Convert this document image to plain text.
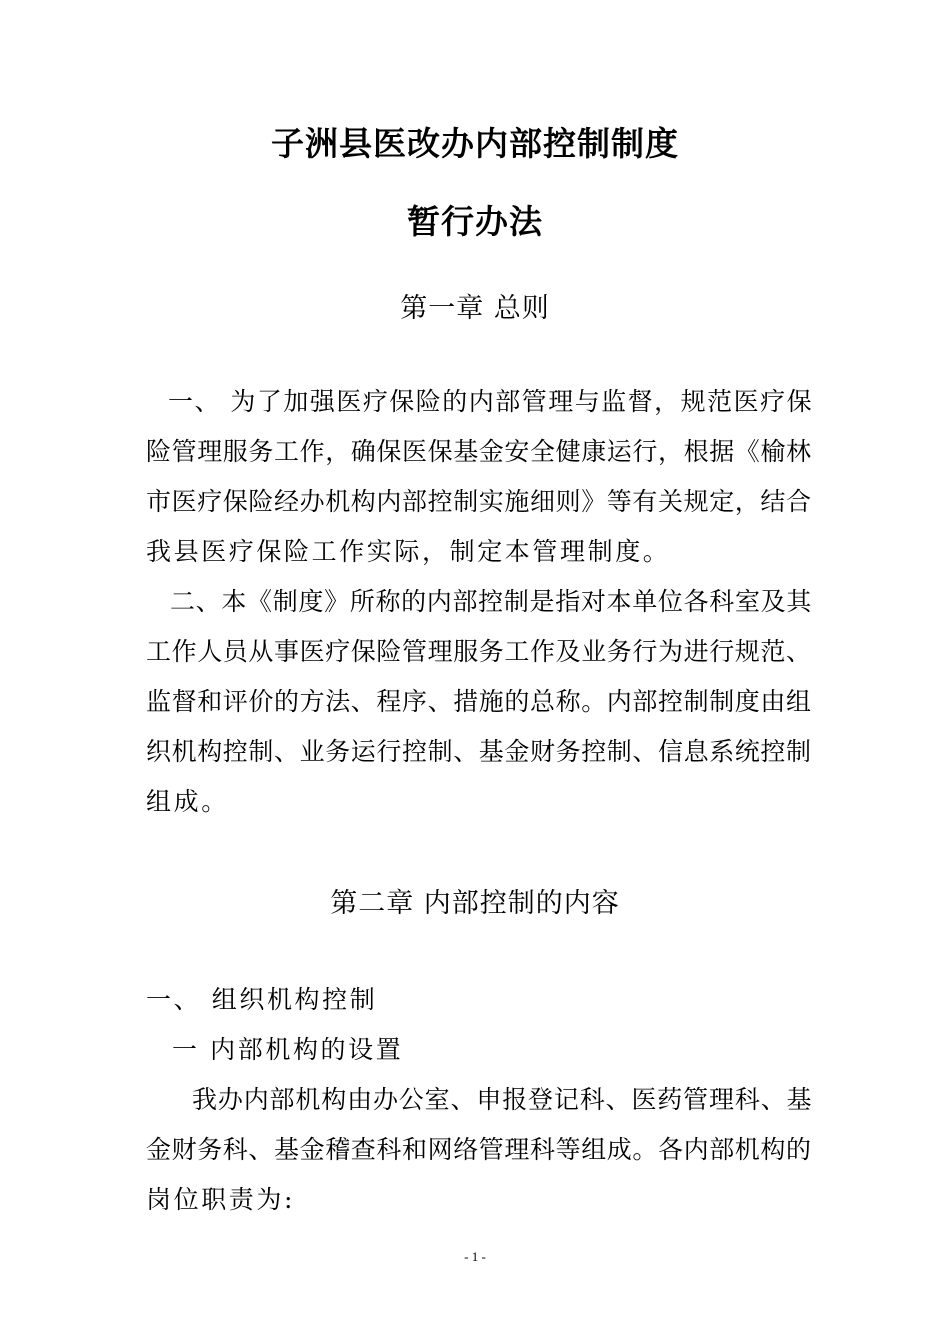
子洲县医改办内部控制制度
暂行办法
第一章 总则
一、 为了加强医疗保险的内部管理与监督，规范医疗保
险管理服务工作，确保医保基金安全健康运行，根据《榆林
市医疗保险经办机构内部控制实施细则》等有关规定，结合
我县医疗保险工作实际，制定本管理制度。
二、本《制度》所称的内部控制是指对本单位各科室及其
工作人员从事医疗保险管理服务工作及业务行为进行规范、
监督和评价的方法、程序、措施的总称。内部控制制度由组
织机构控制、业务运行控制、基金财务控制、信息系统控制
组成。
第二章 内部控制的内容
一、 组织机构控制
一 内部机构的设置
我办内部机构由办公室、申报登记科、医药管理科、基
金财务科、基金稽查科和网络管理科等组成。各内部机构的
岗位职责为:
- 1 -
